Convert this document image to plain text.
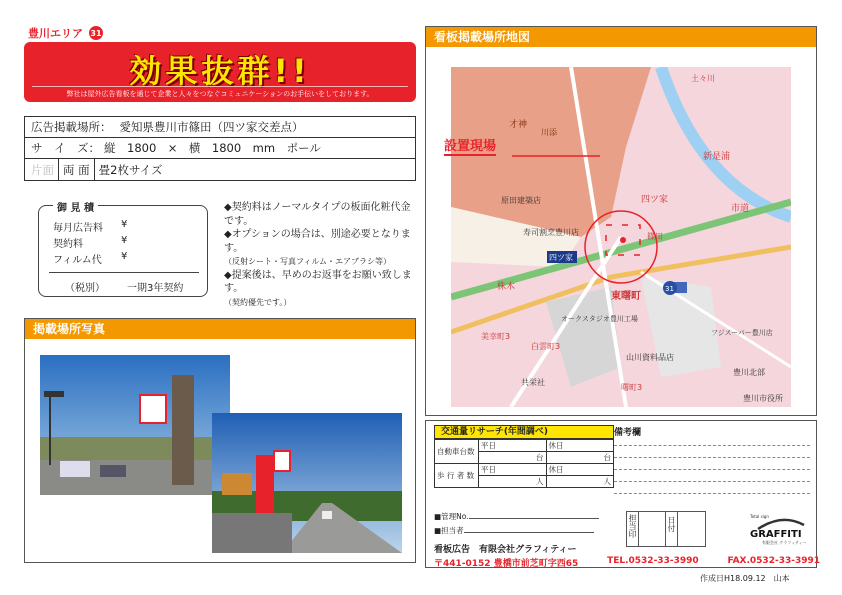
豊川エリア 31
効果抜群!!
弊社は屋外広告看板を通じて企業と人々をつなぐコミュニケーションのお手伝いをしております。
広告掲載場所： 愛知県豊川市篠田（四ツ家交差点）
サ　イ　ズ： 縦　1800　×　横　1800　mm　ポール
片面 両 面 畳2枚サイズ
御 見 積
毎月広告料 ¥
契約料	¥
フィルム代 ¥
（税別） 一期3年契約
◆契約料はノーマルタイプの板面化粧代金です。
◆オプションの場合は、別途必要となります。
（反射シート・写真フィルム・エアブラシ等）
◆提案後は、早めのお返事をお願い致します。
（契約優先です。）
掲載場所写真
看板掲載場所地図
才神
川添
土々川
新是浦
原田建築店
寿司割烹豊川店
四ツ家
篠田
市道
四ツ家
東曙町
美幸町3
白雲町3
山川資料品店
共栄社
曙町3
豊川北部
豊川市役所
フジスーパー豊川店
31
オークスタジオ豊川工場
株木
設置現場
交通量リサーチ(年間調べ)
自動車台数	平日	休日
	台	台
歩 行 者 数	平日	休日
	人	人
備考欄
■管理No.
■担当者	担当印	日付	Total sign
GRAFFITI
有限会社 グラフィティー
看板広告　有限会社グラフィティー
〒441-0152 豊橋市前芝町字西65	TEL.0532-33-3990	FAX.0532-33-3991
作成日H18.09.12　山本
